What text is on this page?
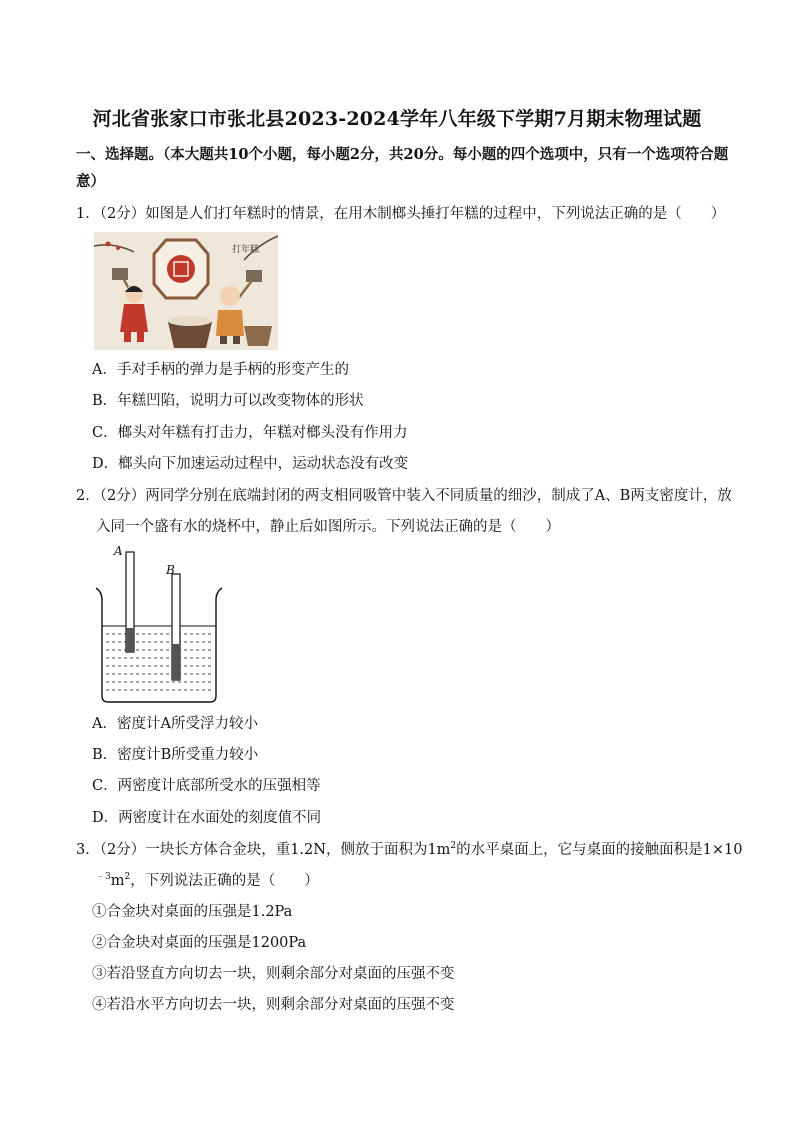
河北省张家口市张北县2023-2024学年八年级下学期7月期末物理试题
一、选择题。（本大题共10个小题，每小题2分，共20分。每小题的四个选项中，只有一个选项符合题
意）
1．（2分）如图是人们打年糕时的情景，在用木制榔头捶打年糕的过程中，下列说法正确的是（　　）
打年糕
A．手对手柄的弹力是手柄的形变产生的
B．年糕凹陷，说明力可以改变物体的形状
C．榔头对年糕有打击力，年糕对榔头没有作用力
D．榔头向下加速运动过程中，运动状态没有改变
2．（2分）两同学分别在底端封闭的两支相同吸管中装入不同质量的细沙，制成了A、B两支密度计，放
入同一个盛有水的烧杯中，静止后如图所示。下列说法正确的是（　　）
A
B
A．密度计A所受浮力较小
B．密度计B所受重力较小
C．两密度计底部所受水的压强相等
D．两密度计在水面处的刻度值不同
3．（2分）一块长方体合金块，重1.2N，侧放于面积为$1m^2$的水平桌面上，它与桌面的接触面积是1×10
$^{﹣3}m^2$，下列说法正确的是（　　）
①合金块对桌面的压强是1.2Pa
②合金块对桌面的压强是1200Pa
③若沿竖直方向切去一块，则剩余部分对桌面的压强不变
④若沿水平方向切去一块，则剩余部分对桌面的压强不变
